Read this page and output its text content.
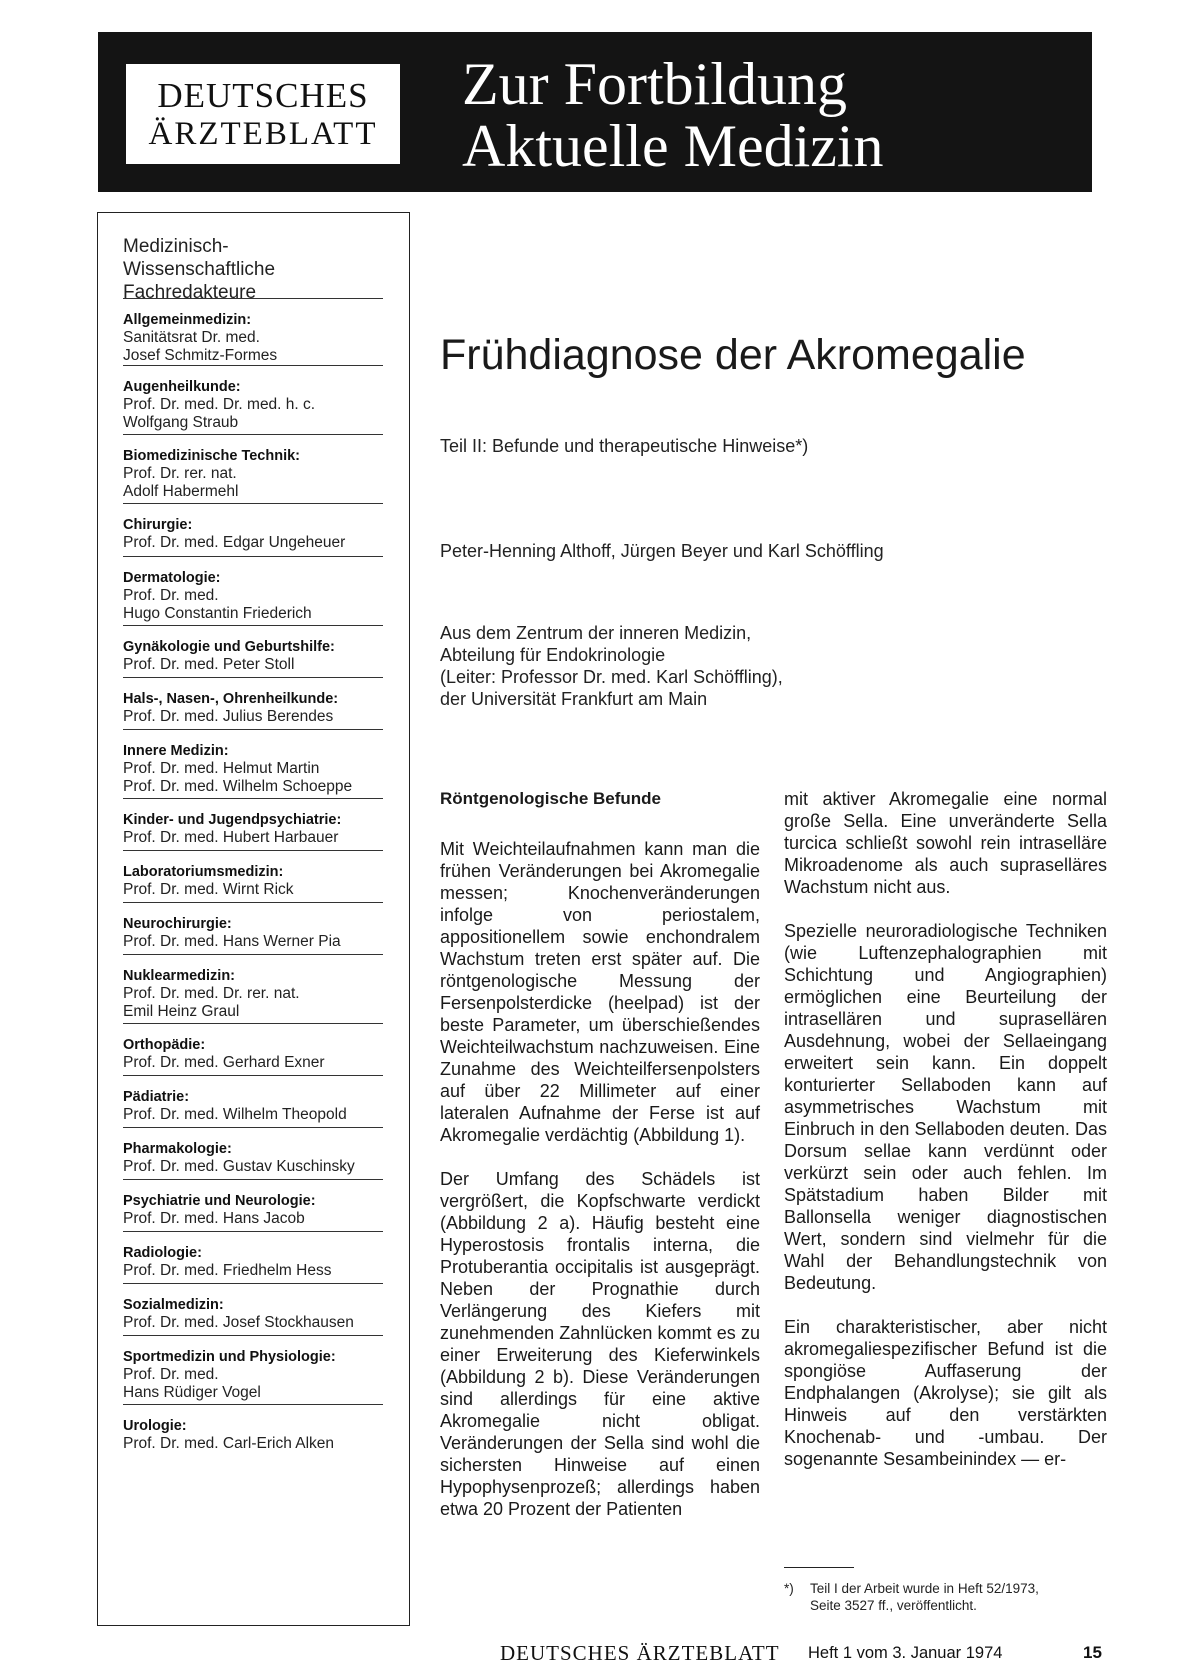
DEUTSCHES
ÄRZTEBLATT
Zur Fortbildung
Aktuelle Medizin
Medizinisch-
Wissenschaftliche
Fachredakteure
Allgemeinmedizin:
Sanitätsrat Dr. med.
Josef Schmitz-Formes
Augenheilkunde:
Prof. Dr. med. Dr. med. h. c.
Wolfgang Straub
Biomedizinische Technik:
Prof. Dr. rer. nat.
Adolf Habermehl
Chirurgie:
Prof. Dr. med. Edgar Ungeheuer
Dermatologie:
Prof. Dr. med.
Hugo Constantin Friederich
Gynäkologie und Geburtshilfe:
Prof. Dr. med. Peter Stoll
Hals-, Nasen-, Ohrenheilkunde:
Prof. Dr. med. Julius Berendes
Innere Medizin:
Prof. Dr. med. Helmut Martin
Prof. Dr. med. Wilhelm Schoeppe
Kinder- und Jugendpsychiatrie:
Prof. Dr. med. Hubert Harbauer
Laboratoriumsmedizin:
Prof. Dr. med. Wirnt Rick
Neurochirurgie:
Prof. Dr. med. Hans Werner Pia
Nuklearmedizin:
Prof. Dr. med. Dr. rer. nat.
Emil Heinz Graul
Orthopädie:
Prof. Dr. med. Gerhard Exner
Pädiatrie:
Prof. Dr. med. Wilhelm Theopold
Pharmakologie:
Prof. Dr. med. Gustav Kuschinsky
Psychiatrie und Neurologie:
Prof. Dr. med. Hans Jacob
Radiologie:
Prof. Dr. med. Friedhelm Hess
Sozialmedizin:
Prof. Dr. med. Josef Stockhausen
Sportmedizin und Physiologie:
Prof. Dr. med.
Hans Rüdiger Vogel
Urologie:
Prof. Dr. med. Carl-Erich Alken
Frühdiagnose der Akromegalie
Teil II: Befunde und therapeutische Hinweise*)
Peter-Henning Althoff, Jürgen Beyer und Karl Schöffling
Aus dem Zentrum der inneren Medizin,
Abteilung für Endokrinologie
(Leiter: Professor Dr. med. Karl Schöffling),
der Universität Frankfurt am Main
Röntgenologische Befunde

Mit Weichteilaufnahmen kann man die frühen Veränderungen bei Akromegalie messen; Knochenveränderungen infolge von periostalem, appositionellem sowie enchondralem Wachstum treten erst später auf. Die röntgenologische Messung der Fersenpolsterdicke (heelpad) ist der beste Parameter, um überschießendes Weichteilwachstum nachzuweisen. Eine Zunahme des Weichteilfersenpolsters auf über 22 Millimeter auf einer lateralen Aufnahme der Ferse ist auf Akromegalie verdächtig (Abbildung 1).

Der Umfang des Schädels ist vergrößert, die Kopfschwarte verdickt (Abbildung 2 a). Häufig besteht eine Hyperostosis frontalis interna, die Protuberantia occipitalis ist ausgeprägt. Neben der Prognathie durch Verlängerung des Kiefers mit zunehmenden Zahnlücken kommt es zu einer Erweiterung des Kieferwinkels (Abbildung 2 b). Diese Veränderungen sind allerdings für eine aktive Akromegalie nicht obligat. Veränderungen der Sella sind wohl die sichersten Hinweise auf einen Hypophysenprozeß; allerdings haben etwa 20 Prozent der Patienten

mit aktiver Akromegalie eine normal große Sella. Eine unveränderte Sella turcica schließt sowohl rein intraselläre Mikroadenome als auch supraselläres Wachstum nicht aus.

Spezielle neuroradiologische Techniken (wie Luftenzephalographien mit Schichtung und Angiographien) ermöglichen eine Beurteilung der intrasellären und suprasellären Ausdehnung, wobei der Sellaeingang erweitert sein kann. Ein doppelt konturierter Sellaboden kann auf asymmetrisches Wachstum mit Einbruch in den Sellaboden deuten. Das Dorsum sellae kann verdünnt oder verkürzt sein oder auch fehlen. Im Spätstadium haben Bilder mit Ballonsella weniger diagnostischen Wert, sondern sind vielmehr für die Wahl der Behandlungstechnik von Bedeutung.

Ein charakteristischer, aber nicht akromegaliespezifischer Befund ist die spongiöse Auffaserung der Endphalangen (Akrolyse); sie gilt als Hinweis auf den verstärkten Knochenab- und -umbau. Der sogenannte Sesambeinindex — er-

*) Teil I der Arbeit wurde in Heft 52/1973,
Seite 3527 ff., veröffentlicht.
DEUTSCHES ÄRZTEBLATT Heft 1 vom 3. Januar 1974	15
